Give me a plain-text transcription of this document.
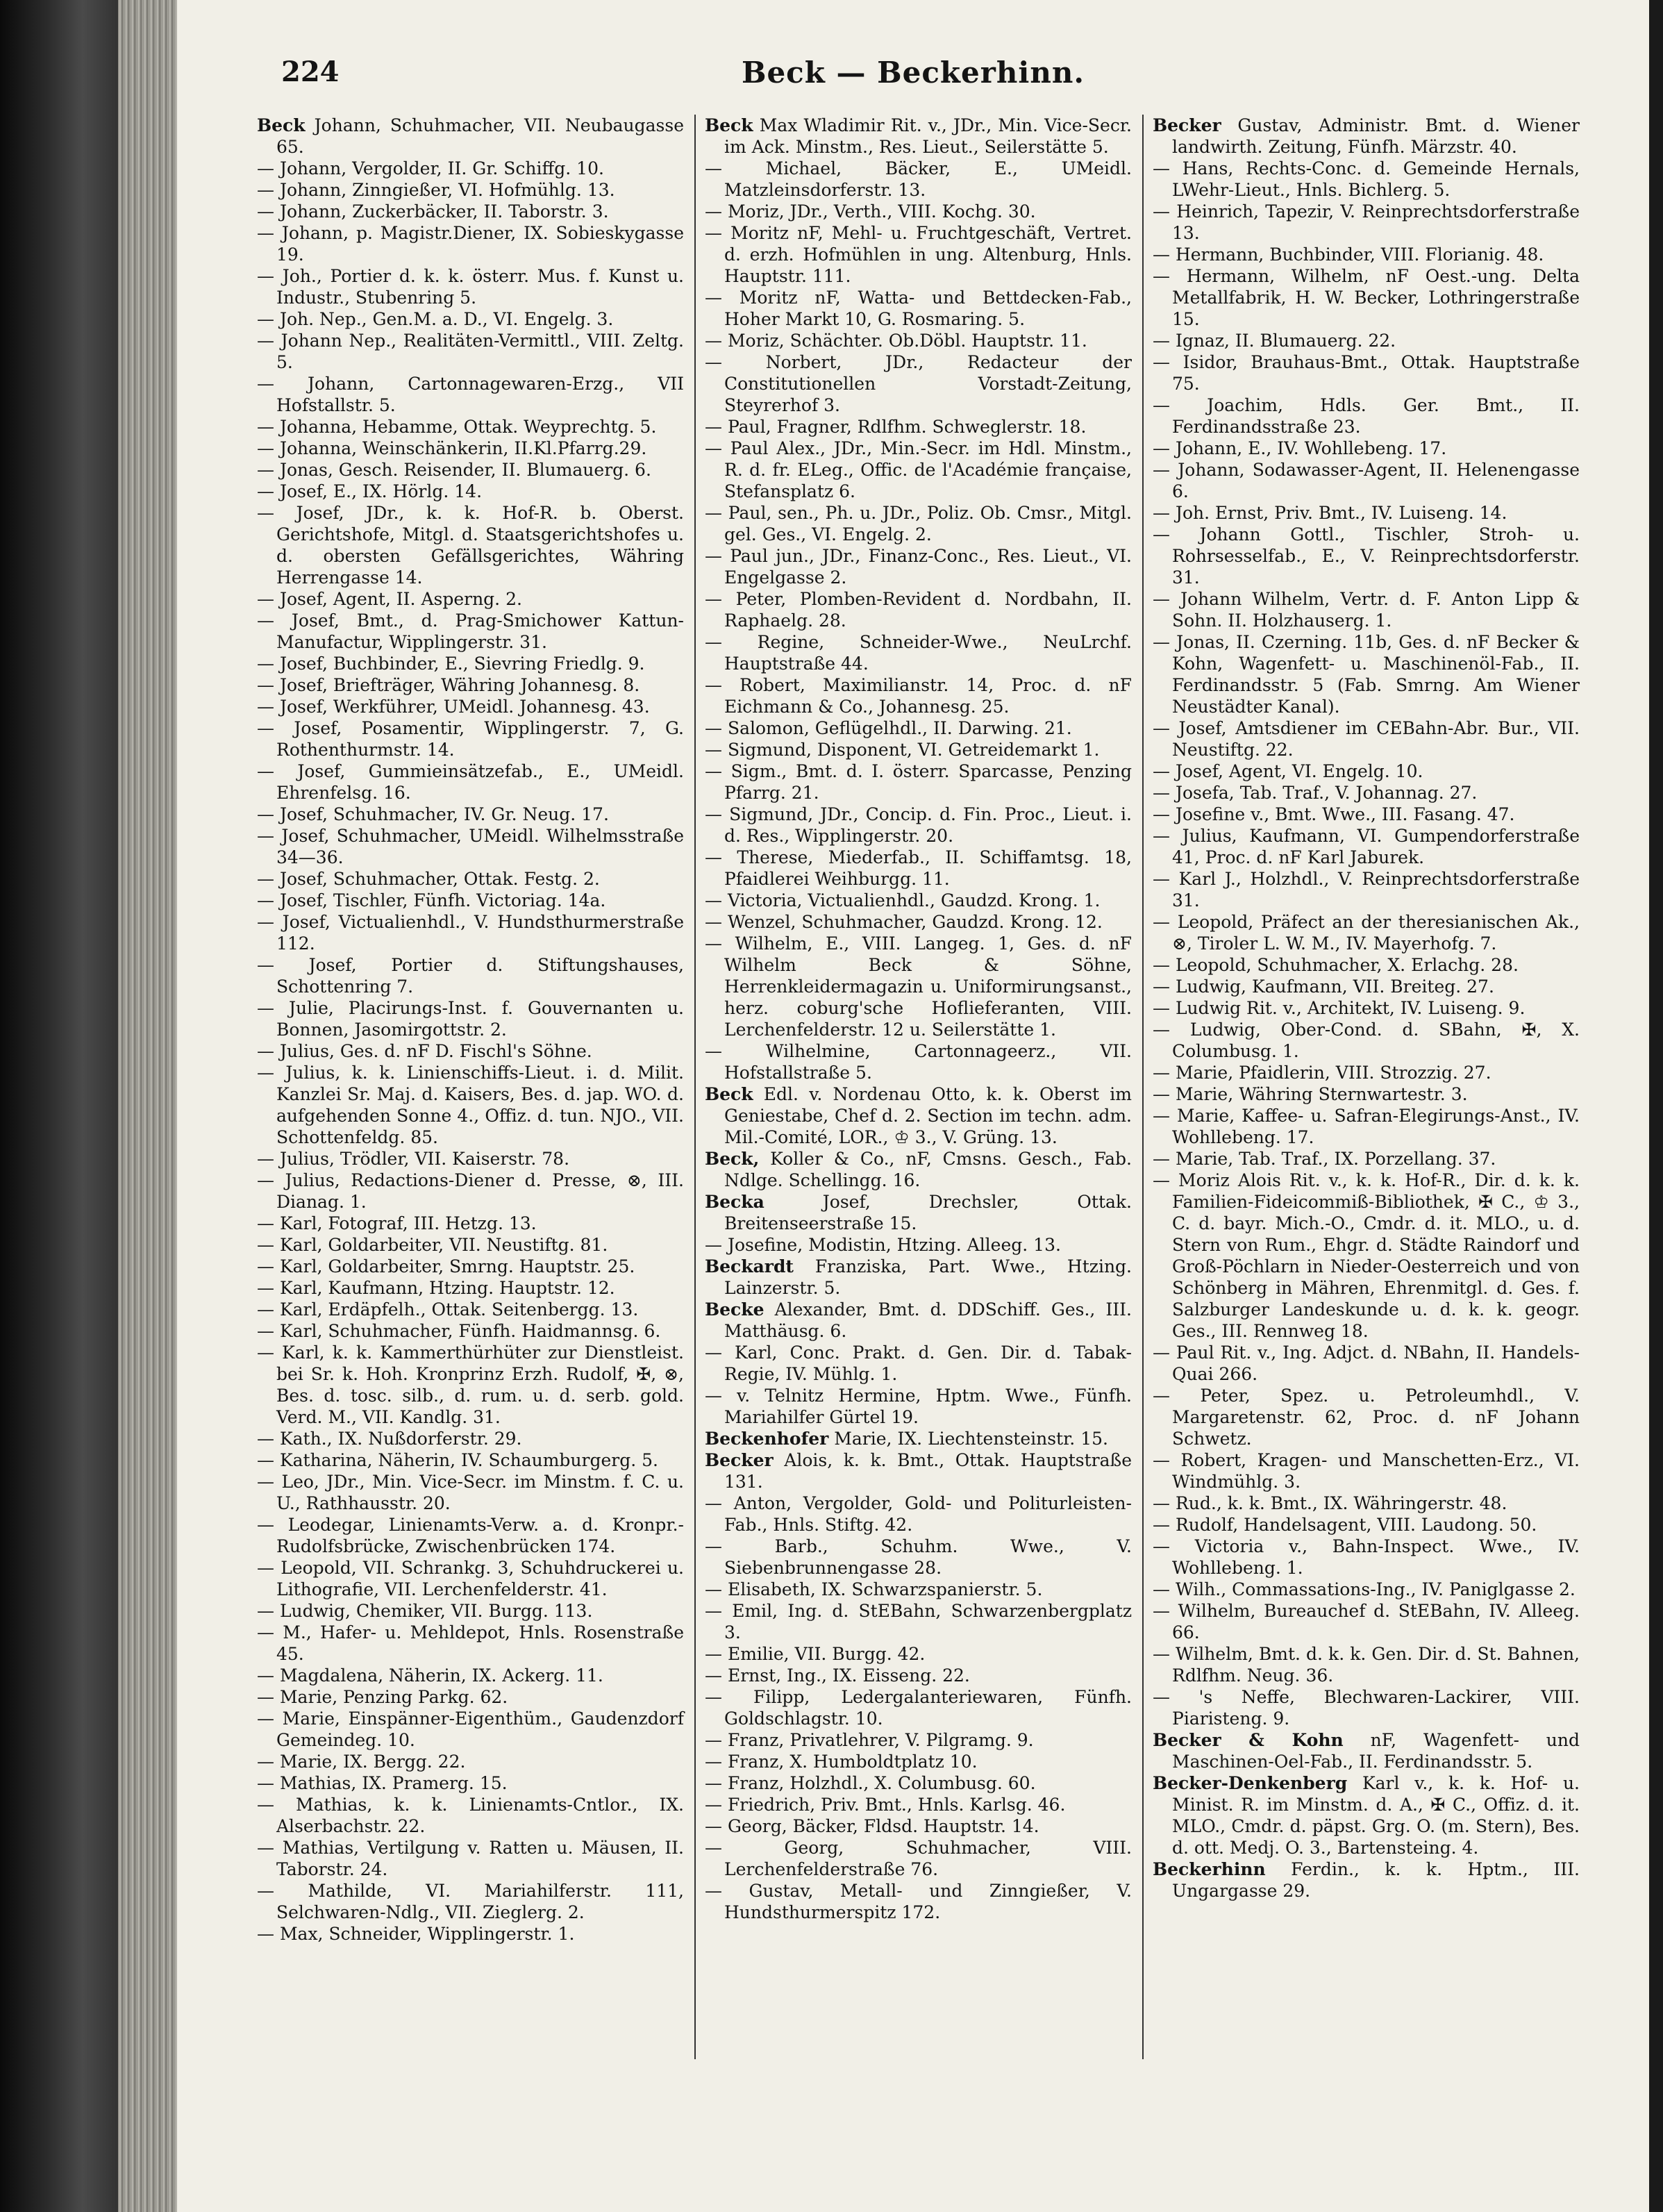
224	Beck — Beckerhinn.

Beck Johann, Schuhmacher, VII. Neubaugasse 65.

— Johann, Vergolder, II. Gr. Schiffg. 10.

— Johann, Zinngießer, VI. Hofmühlg. 13.

— Johann, Zuckerbäcker, II. Taborstr. 3.

— Johann, p. Magistr.Diener, IX. Sobieskygasse 19.

— Joh., Portier d. k. k. österr. Mus. f. Kunst u. Industr., Stubenring 5.

— Joh. Nep., Gen.M. a. D., VI. Engelg. 3.

— Johann Nep., Realitäten-Vermittl., VIII. Zeltg. 5.

— Johann, Cartonnagewaren-Erzg., VII Hofstallstr. 5.

— Johanna, Hebamme, Ottak. Weyprechtg. 5.

— Johanna, Weinschänkerin, II.Kl.Pfarrg.29.

— Jonas, Gesch. Reisender, II. Blumauerg. 6.

— Josef, E., IX. Hörlg. 14.

— Josef, JDr., k. k. Hof-R. b. Oberst. Gerichtshofe, Mitgl. d. Staatsgerichtshofes u. d. obersten Gefällsgerichtes, Währing Herrengasse 14.

— Josef, Agent, II. Asperng. 2.

— Josef, Bmt., d. Prag-Smichower Kattun-Manufactur, Wipplingerstr. 31.

— Josef, Buchbinder, E., Sievring Friedlg. 9.

— Josef, Briefträger, Währing Johannesg. 8.

— Josef, Werkführer, UMeidl. Johannesg. 43.

— Josef, Posamentir, Wipplingerstr. 7, G. Rothenthurmstr. 14.

— Josef, Gummieinsätzefab., E., UMeidl. Ehrenfelsg. 16.

— Josef, Schuhmacher, IV. Gr. Neug. 17.

— Josef, Schuhmacher, UMeidl. Wilhelmsstraße 34—36.

— Josef, Schuhmacher, Ottak. Festg. 2.

— Josef, Tischler, Fünfh. Victoriag. 14a.

— Josef, Victualienhdl., V. Hundsthurmerstraße 112.

— Josef, Portier d. Stiftungshauses, Schottenring 7.

— Julie, Placirungs-Inst. f. Gouvernanten u. Bonnen, Jasomirgottstr. 2.

— Julius, Ges. d. nF D. Fischl's Söhne.

— Julius, k. k. Linienschiffs-Lieut. i. d. Milit. Kanzlei Sr. Maj. d. Kaisers, Bes. d. jap. WO. d. aufgehenden Sonne 4., Offiz. d. tun. NJO., VII. Schottenfeldg. 85.

— Julius, Trödler, VII. Kaiserstr. 78.

— Julius, Redactions-Diener d. Presse, ⊗, III. Dianag. 1.

— Karl, Fotograf, III. Hetzg. 13.

— Karl, Goldarbeiter, VII. Neustiftg. 81.

— Karl, Goldarbeiter, Smrng. Hauptstr. 25.

— Karl, Kaufmann, Htzing. Hauptstr. 12.

— Karl, Erdäpfelh., Ottak. Seitenbergg. 13.

— Karl, Schuhmacher, Fünfh. Haidmannsg. 6.

— Karl, k. k. Kammerthürhüter zur Dienstleist. bei Sr. k. Hoh. Kronprinz Erzh. Rudolf, ✠, ⊗, Bes. d. tosc. silb., d. rum. u. d. serb. gold. Verd. M., VII. Kandlg. 31.

— Kath., IX. Nußdorferstr. 29.

— Katharina, Näherin, IV. Schaumburgerg. 5.

— Leo, JDr., Min. Vice-Secr. im Minstm. f. C. u. U., Rathhausstr. 20.

— Leodegar, Linienamts-Verw. a. d. Kronpr.-Rudolfsbrücke, Zwischenbrücken 174.

— Leopold, VII. Schrankg. 3, Schuhdruckerei u. Lithografie, VII. Lerchenfelderstr. 41.

— Ludwig, Chemiker, VII. Burgg. 113.

— M., Hafer- u. Mehldepot, Hnls. Rosenstraße 45.

— Magdalena, Näherin, IX. Ackerg. 11.

— Marie, Penzing Parkg. 62.

— Marie, Einspänner-Eigenthüm., Gaudenzdorf Gemeindeg. 10.

— Marie, IX. Bergg. 22.

— Mathias, IX. Pramerg. 15.

— Mathias, k. k. Linienamts-Cntlor., IX. Alserbachstr. 22.

— Mathias, Vertilgung v. Ratten u. Mäusen, II. Taborstr. 24.

— Mathilde, VI. Mariahilferstr. 111, Selchwaren-Ndlg., VII. Zieglerg. 2.

— Max, Schneider, Wipplingerstr. 1.

Beck Max Wladimir Rit. v., JDr., Min. Vice-Secr. im Ack. Minstm., Res. Lieut., Seilerstätte 5.

— Michael, Bäcker, E., UMeidl. Matzleinsdorferstr. 13.

— Moriz, JDr., Verth., VIII. Kochg. 30.

— Moritz nF, Mehl- u. Fruchtgeschäft, Vertret. d. erzh. Hofmühlen in ung. Altenburg, Hnls. Hauptstr. 111.

— Moritz nF, Watta- und Bettdecken-Fab., Hoher Markt 10, G. Rosmaring. 5.

— Moriz, Schächter. Ob.Döbl. Hauptstr. 11.

— Norbert, JDr., Redacteur der Constitutionellen Vorstadt-Zeitung, Steyrerhof 3.

— Paul, Fragner, Rdlfhm. Schweglerstr. 18.

— Paul Alex., JDr., Min.-Secr. im Hdl. Minstm., R. d. fr. ELeg., Offic. de l'Académie française, Stefansplatz 6.

— Paul, sen., Ph. u. JDr., Poliz. Ob. Cmsr., Mitgl. gel. Ges., VI. Engelg. 2.

— Paul jun., JDr., Finanz-Conc., Res. Lieut., VI. Engelgasse 2.

— Peter, Plomben-Revident d. Nordbahn, II. Raphaelg. 28.

— Regine, Schneider-Wwe., NeuLrchf. Hauptstraße 44.

— Robert, Maximilianstr. 14, Proc. d. nF Eichmann & Co., Johannesg. 25.

— Salomon, Geflügelhdl., II. Darwing. 21.

— Sigmund, Disponent, VI. Getreidemarkt 1.

— Sigm., Bmt. d. I. österr. Sparcasse, Penzing Pfarrg. 21.

— Sigmund, JDr., Concip. d. Fin. Proc., Lieut. i. d. Res., Wipplingerstr. 20.

— Therese, Miederfab., II. Schiffamtsg. 18, Pfaidlerei Weihburgg. 11.

— Victoria, Victualienhdl., Gaudzd. Krong. 1.

— Wenzel, Schuhmacher, Gaudzd. Krong. 12.

— Wilhelm, E., VIII. Langeg. 1, Ges. d. nF Wilhelm Beck & Söhne, Herrenkleidermagazin u. Uniformirungsanst., herz. coburg'sche Hoflieferanten, VIII. Lerchenfelderstr. 12 u. Seilerstätte 1.

— Wilhelmine, Cartonnageerz., VII. Hofstallstraße 5.

Beck Edl. v. Nordenau Otto, k. k. Oberst im Geniestabe, Chef d. 2. Section im techn. adm. Mil.-Comité, LOR., ♔ 3., V. Grüng. 13.

Beck, Koller & Co., nF, Cmsns. Gesch., Fab. Ndlge. Schellingg. 16.

Becka Josef, Drechsler, Ottak. Breitenseerstraße 15.

— Josefine, Modistin, Htzing. Alleeg. 13.

Beckardt Franziska, Part. Wwe., Htzing. Lainzerstr. 5.

Becke Alexander, Bmt. d. DDSchiff. Ges., III. Matthäusg. 6.

— Karl, Conc. Prakt. d. Gen. Dir. d. Tabak-Regie, IV. Mühlg. 1.

— v. Telnitz Hermine, Hptm. Wwe., Fünfh. Mariahilfer Gürtel 19.

Beckenhofer Marie, IX. Liechtensteinstr. 15.

Becker Alois, k. k. Bmt., Ottak. Hauptstraße 131.

— Anton, Vergolder, Gold- und Politurleisten-Fab., Hnls. Stiftg. 42.

— Barb., Schuhm. Wwe., V. Siebenbrunnengasse 28.

— Elisabeth, IX. Schwarzspanierstr. 5.

— Emil, Ing. d. StEBahn, Schwarzenbergplatz 3.

— Emilie, VII. Burgg. 42.

— Ernst, Ing., IX. Eisseng. 22.

— Filipp, Ledergalanteriewaren, Fünfh. Goldschlagstr. 10.

— Franz, Privatlehrer, V. Pilgramg. 9.

— Franz, X. Humboldtplatz 10.

— Franz, Holzhdl., X. Columbusg. 60.

— Friedrich, Priv. Bmt., Hnls. Karlsg. 46.

— Georg, Bäcker, Fldsd. Hauptstr. 14.

— Georg, Schuhmacher, VIII. Lerchenfelderstraße 76.

— Gustav, Metall- und Zinngießer, V. Hundsthurmerspitz 172.

Becker Gustav, Administr. Bmt. d. Wiener landwirth. Zeitung, Fünfh. Märzstr. 40.

— Hans, Rechts-Conc. d. Gemeinde Hernals, LWehr-Lieut., Hnls. Bichlerg. 5.

— Heinrich, Tapezir, V. Reinprechtsdorferstraße 13.

— Hermann, Buchbinder, VIII. Florianig. 48.

— Hermann, Wilhelm, nF Oest.-ung. Delta Metallfabrik, H. W. Becker, Lothringerstraße 15.

— Ignaz, II. Blumauerg. 22.

— Isidor, Brauhaus-Bmt., Ottak. Hauptstraße 75.

— Joachim, Hdls. Ger. Bmt., II. Ferdinandsstraße 23.

— Johann, E., IV. Wohllebeng. 17.

— Johann, Sodawasser-Agent, II. Helenengasse 6.

— Joh. Ernst, Priv. Bmt., IV. Luiseng. 14.

— Johann Gottl., Tischler, Stroh- u. Rohrsesselfab., E., V. Reinprechtsdorferstr. 31.

— Johann Wilhelm, Vertr. d. F. Anton Lipp & Sohn. II. Holzhauserg. 1.

— Jonas, II. Czerning. 11b, Ges. d. nF Becker & Kohn, Wagenfett- u. Maschinenöl-Fab., II. Ferdinandsstr. 5 (Fab. Smrng. Am Wiener Neustädter Kanal).

— Josef, Amtsdiener im CEBahn-Abr. Bur., VII. Neustiftg. 22.

— Josef, Agent, VI. Engelg. 10.

— Josefa, Tab. Traf., V. Johannag. 27.

— Josefine v., Bmt. Wwe., III. Fasang. 47.

— Julius, Kaufmann, VI. Gumpendorferstraße 41, Proc. d. nF Karl Jaburek.

— Karl J., Holzhdl., V. Reinprechtsdorferstraße 31.

— Leopold, Präfect an der theresianischen Ak., ⊗, Tiroler L. W. M., IV. Mayerhofg. 7.

— Leopold, Schuhmacher, X. Erlachg. 28.

— Ludwig, Kaufmann, VII. Breiteg. 27.

— Ludwig Rit. v., Architekt, IV. Luiseng. 9.

— Ludwig, Ober-Cond. d. SBahn, ✠, X. Columbusg. 1.

— Marie, Pfaidlerin, VIII. Strozzig. 27.

— Marie, Währing Sternwartestr. 3.

— Marie, Kaffee- u. Safran-Elegirungs-Anst., IV. Wohllebeng. 17.

— Marie, Tab. Traf., IX. Porzellang. 37.

— Moriz Alois Rit. v., k. k. Hof-R., Dir. d. k. k. Familien-Fideicommiß-Bibliothek, ✠ C., ♔ 3., C. d. bayr. Mich.-O., Cmdr. d. it. MLO., u. d. Stern von Rum., Ehgr. d. Städte Raindorf und Groß-Pöchlarn in Nieder-Oesterreich und von Schönberg in Mähren, Ehrenmitgl. d. Ges. f. Salzburger Landeskunde u. d. k. k. geogr. Ges., III. Rennweg 18.

— Paul Rit. v., Ing. Adjct. d. NBahn, II. Handels-Quai 266.

— Peter, Spez. u. Petroleumhdl., V. Margaretenstr. 62, Proc. d. nF Johann Schwetz.

— Robert, Kragen- und Manschetten-Erz., VI. Windmühlg. 3.

— Rud., k. k. Bmt., IX. Währingerstr. 48.

— Rudolf, Handelsagent, VIII. Laudong. 50.

— Victoria v., Bahn-Inspect. Wwe., IV. Wohllebeng. 1.

— Wilh., Commassations-Ing., IV. Paniglgasse 2.

— Wilhelm, Bureauchef d. StEBahn, IV. Alleeg. 66.

— Wilhelm, Bmt. d. k. k. Gen. Dir. d. St. Bahnen, Rdlfhm. Neug. 36.

— 's Neffe, Blechwaren-Lackirer, VIII. Piaristeng. 9.

Becker & Kohn nF, Wagenfett- und Maschinen-Oel-Fab., II. Ferdinandsstr. 5.

Becker-Denkenberg Karl v., k. k. Hof- u. Minist. R. im Minstm. d. A., ✠ C., Offiz. d. it. MLO., Cmdr. d. päpst. Grg. O. (m. Stern), Bes. d. ott. Medj. O. 3., Bartensteing. 4.

Beckerhinn Ferdin., k. k. Hptm., III. Ungargasse 29.
